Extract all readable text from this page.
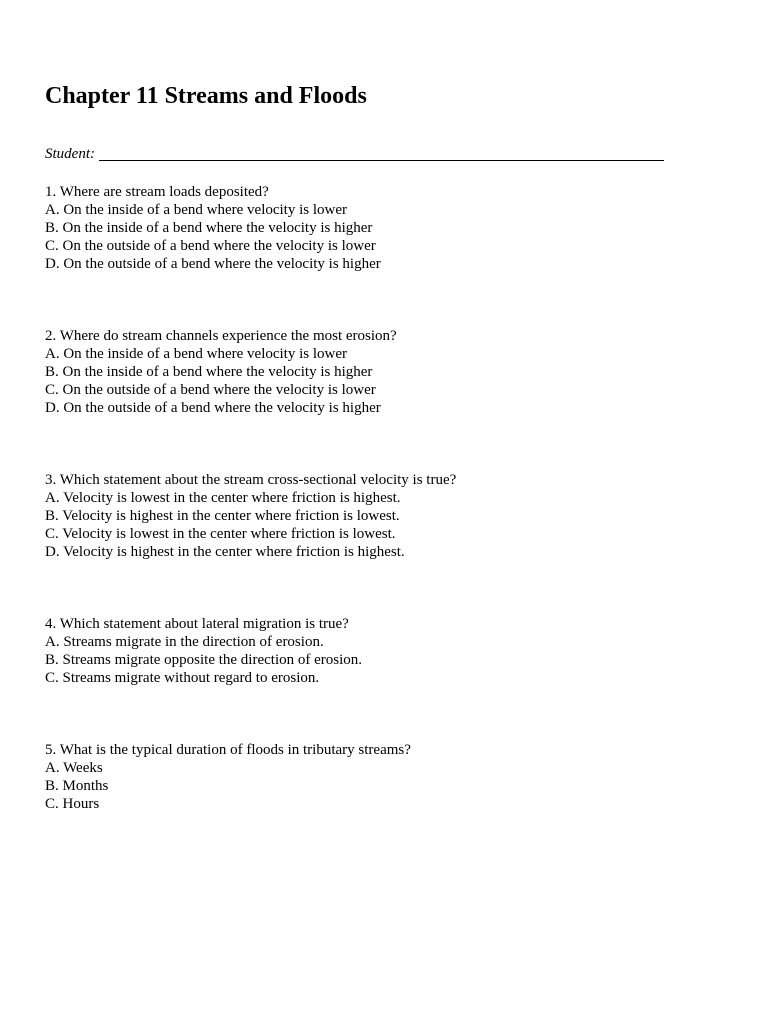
Chapter 11 Streams and Floods
Student:
1. Where are stream loads deposited?
A. On the inside of a bend where velocity is lower
B. On the inside of a bend where the velocity is higher
C. On the outside of a bend where the velocity is lower
D. On the outside of a bend where the velocity is higher
2. Where do stream channels experience the most erosion?
A. On the inside of a bend where velocity is lower
B. On the inside of a bend where the velocity is higher
C. On the outside of a bend where the velocity is lower
D. On the outside of a bend where the velocity is higher
3. Which statement about the stream cross-sectional velocity is true?
A. Velocity is lowest in the center where friction is highest.
B. Velocity is highest in the center where friction is lowest.
C. Velocity is lowest in the center where friction is lowest.
D. Velocity is highest in the center where friction is highest.
4. Which statement about lateral migration is true?
A. Streams migrate in the direction of erosion.
B. Streams migrate opposite the direction of erosion.
C. Streams migrate without regard to erosion.
5. What is the typical duration of floods in tributary streams?
A. Weeks
B. Months
C. Hours
